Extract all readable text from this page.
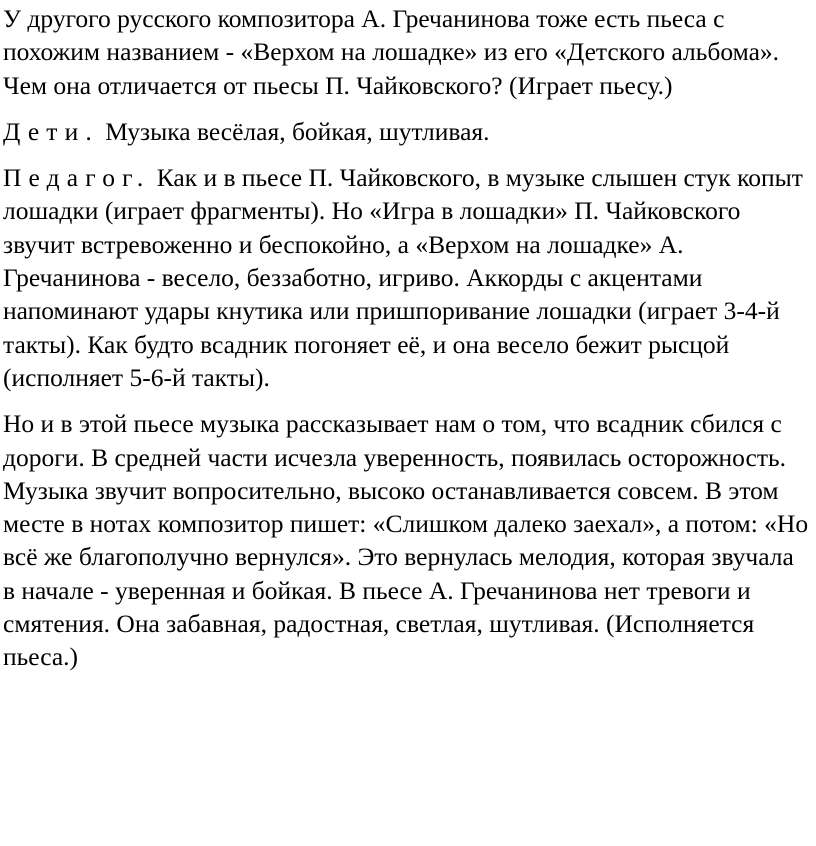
У другого русского композитора А. Гречанинова тоже есть пьеса с похожим названием - «Верхом на лошадке» из его «Детского альбома». Чем она отличается от пьесы П. Чайковского? (Играет пьесу.)

Дети. Музыка весёлая, бойкая, шутливая.

Педагог. Как и в пьесе П. Чайковского, в музыке слышен стук копыт лошадки (играет фрагменты). Но «Игра в лошадки» П. Чайковского звучит встревоженно и беспокойно, а «Верхом на лошадке» А. Гречанинова - весело, беззаботно, игриво. Аккорды с акцентами напоминают удары кнутика или пришпоривание лошадки (играет 3-4-й такты). Как будто всадник погоняет её, и она весело бежит рысцой (исполняет 5-6-й такты).

Но и в этой пьесе музыка рассказывает нам о том, что всадник сбился с дороги. В средней части исчезла уверенность, появилась осторожность. Музыка звучит вопросительно, высоко останавливается совсем. В этом месте в нотах композитор пишет: «Слишком далеко заехал», а потом: «Но всё же благополучно вернулся». Это вернулась мелодия, которая звучала в начале - уверенная и бойкая. В пьесе А. Гречанинова нет тревоги и смятения. Она забавная, радостная, светлая, шутливая. (Исполняется пьеса.)
